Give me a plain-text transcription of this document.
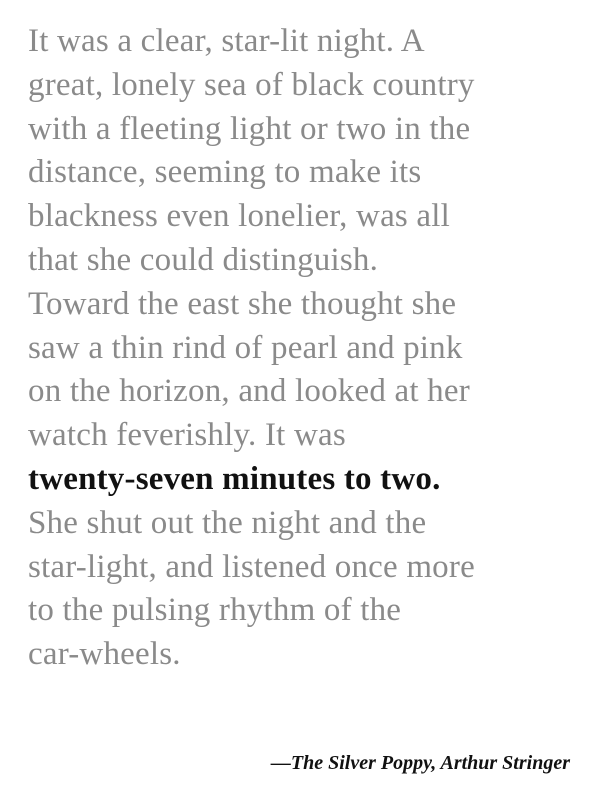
It was a clear, star-lit night. A
great, lonely sea of black country
with a fleeting light or two in the
distance, seeming to make its
blackness even lonelier, was all
that she could distinguish.
Toward the east she thought she
saw a thin rind of pearl and pink
on the horizon, and looked at her
watch feverishly. It was
twenty-seven minutes to two.
She shut out the night and the
star-light, and listened once more
to the pulsing rhythm of the
car-wheels.

—The Silver Poppy, Arthur Stringer
